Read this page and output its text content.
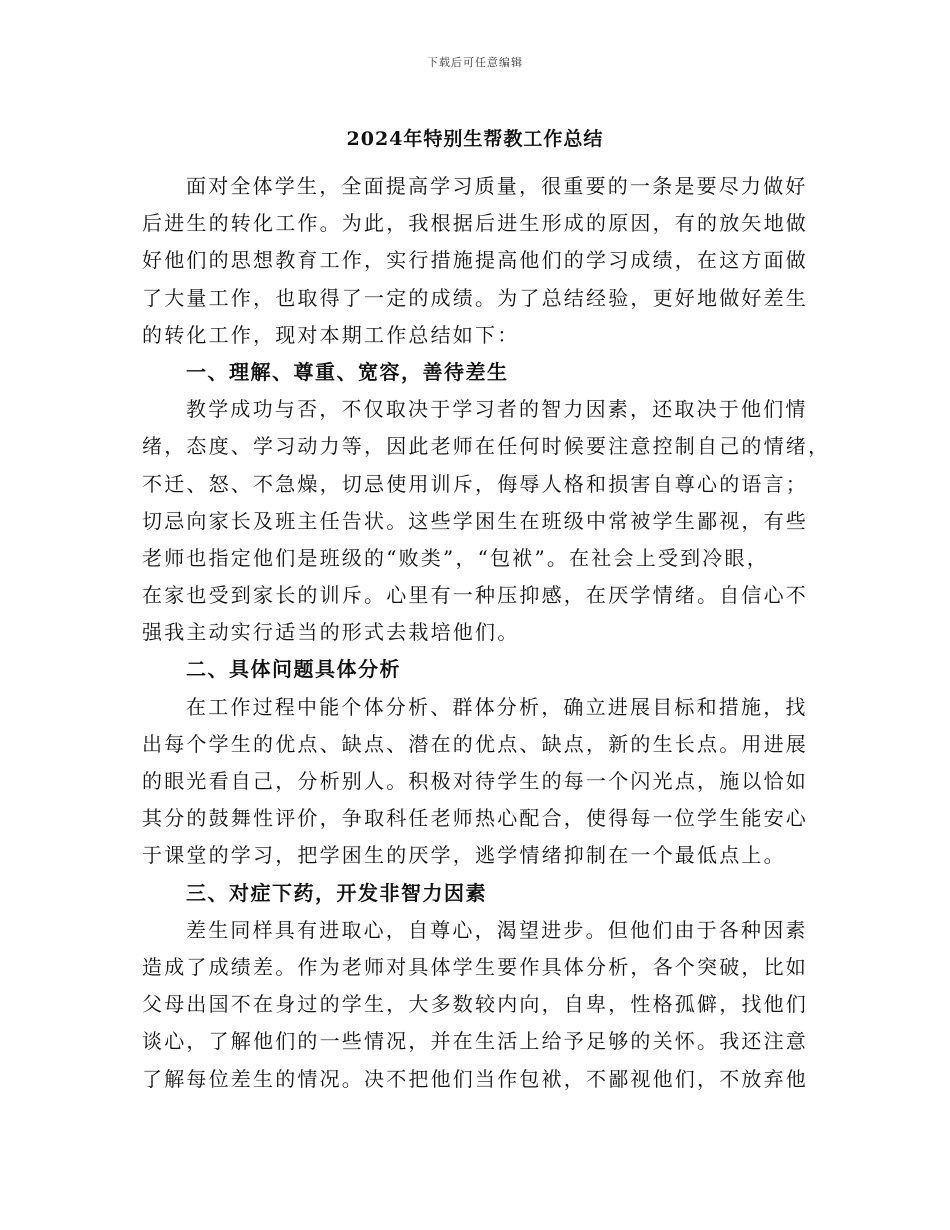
下载后可任意编辑
2024年特别生帮教工作总结
面对全体学生，全面提高学习质量，很重要的一条是要尽力做好
后进生的转化工作。为此，我根据后进生形成的原因，有的放矢地做
好他们的思想教育工作，实行措施提高他们的学习成绩，在这方面做
了大量工作，也取得了一定的成绩。为了总结经验，更好地做好差生
的转化工作，现对本期工作总结如下：
一、理解、尊重、宽容，善待差生
教学成功与否，不仅取决于学习者的智力因素，还取决于他们情
绪，态度、学习动力等，因此老师在任何时候要注意控制自己的情绪，
不迁、怒、不急燥，切忌使用训斥，侮辱人格和损害自尊心的语言；
切忌向家长及班主任告状。这些学困生在班级中常被学生鄙视，有些
老师也指定他们是班级的“败类”，“包袱”。在社会上受到冷眼，
在家也受到家长的训斥。心里有一种压抑感，在厌学情绪。自信心不
强我主动实行适当的形式去栽培他们。
二、具体问题具体分析
在工作过程中能个体分析、群体分析，确立进展目标和措施，找
出每个学生的优点、缺点、潜在的优点、缺点，新的生长点。用进展
的眼光看自己，分析别人。积极对待学生的每一个闪光点，施以恰如
其分的鼓舞性评价，争取科任老师热心配合，使得每一位学生能安心
于课堂的学习，把学困生的厌学，逃学情绪抑制在一个最低点上。
三、对症下药，开发非智力因素
差生同样具有进取心，自尊心，渴望进步。但他们由于各种因素
造成了成绩差。作为老师对具体学生要作具体分析，各个突破，比如
父母出国不在身过的学生，大多数较内向，自卑，性格孤僻，找他们
谈心，了解他们的一些情况，并在生活上给予足够的关怀。我还注意
了解每位差生的情况。决不把他们当作包袱，不鄙视他们，不放弃他
